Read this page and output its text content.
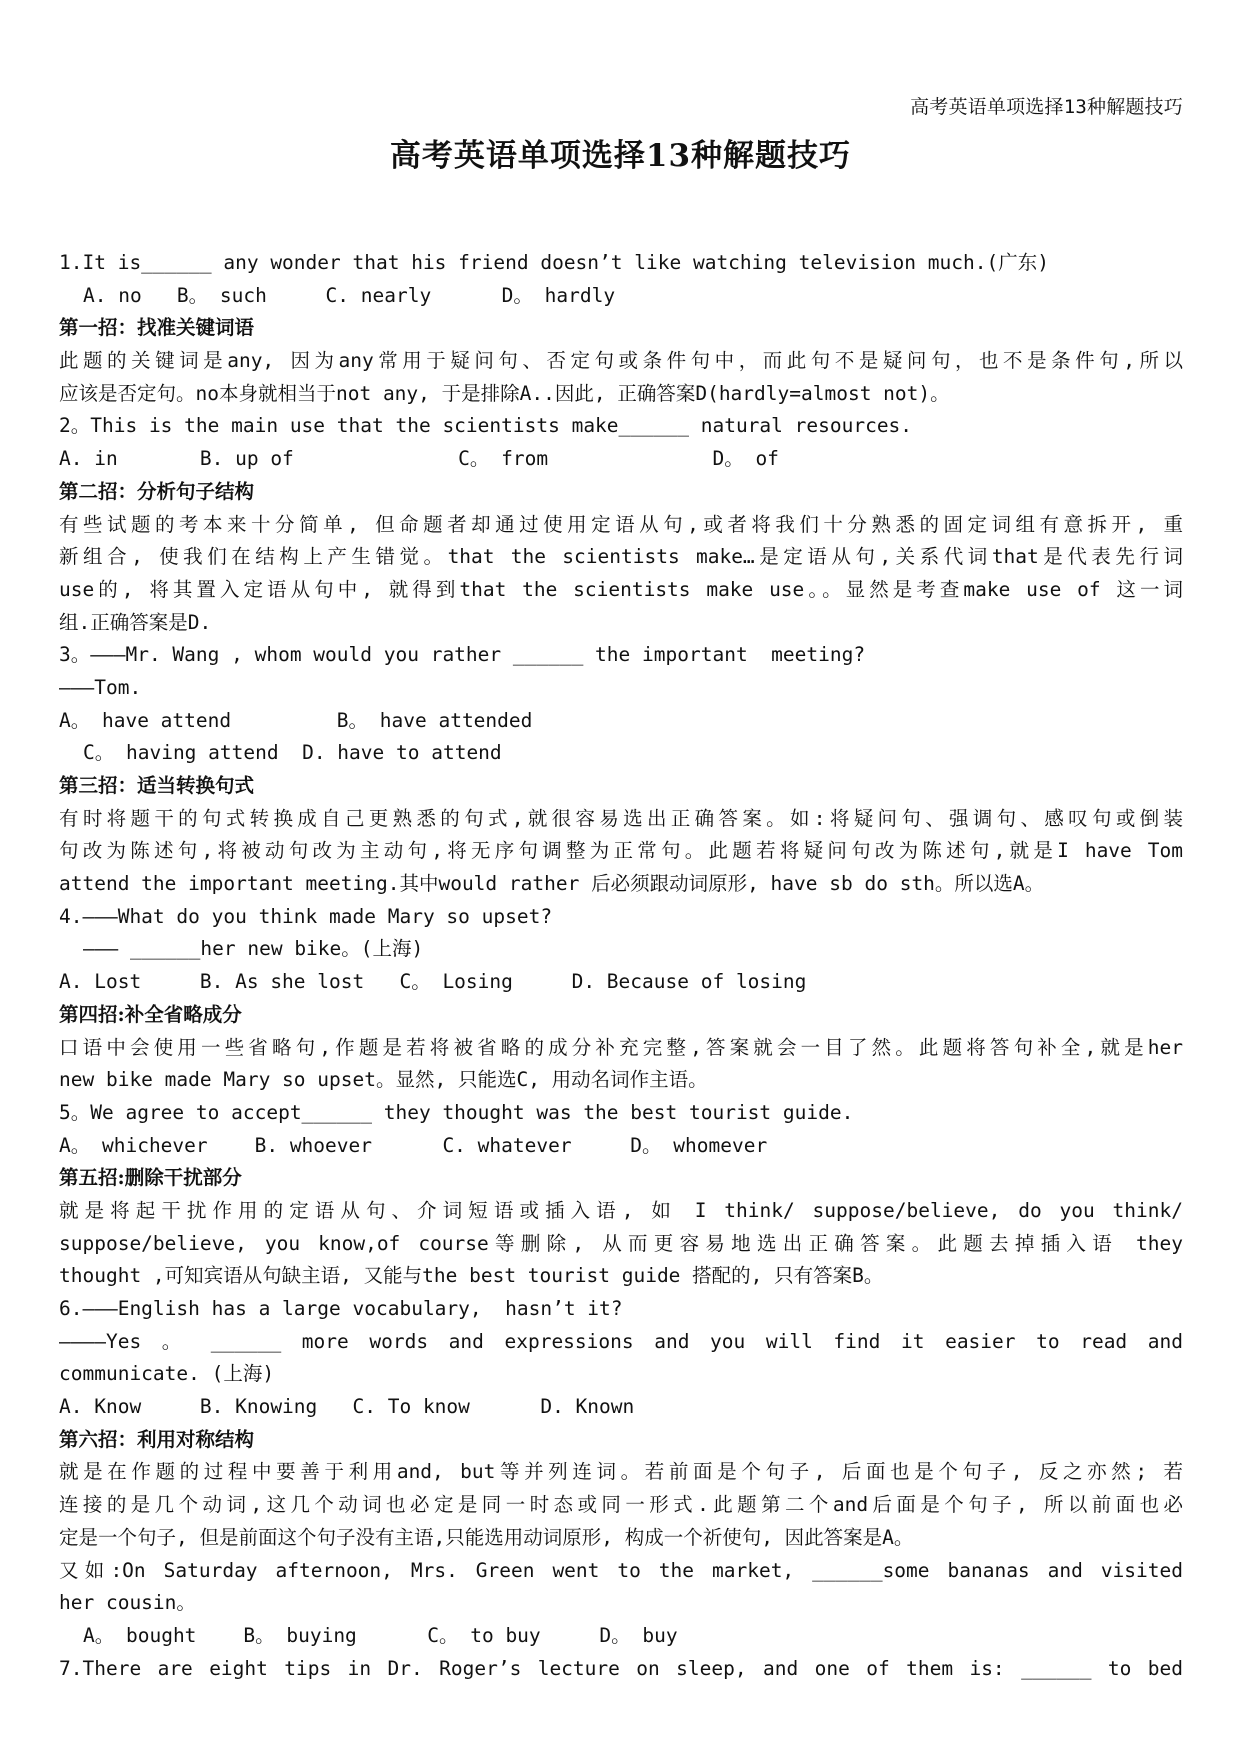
高考英语单项选择13种解题技巧
高考英语单项选择13种解题技巧
1.It is______ any wonder that his friend doesn’t like watching television much.(广东)
A. no   B。 such     C. nearly      D。 hardly
第一招：找准关键词语
此题的关键词是any, 因为any常用于疑问句、否定句或条件句中，而此句不是疑问句，也不是条件句,所以
应该是否定句。no本身就相当于not any, 于是排除A..因此, 正确答案D(hardly=almost not)。
2。This is the main use that the scientists make______ natural resources.
A. in       B. up of              C。 from              D。 of
第二招：分析句子结构
有些试题的考本来十分简单, 但命题者却通过使用定语从句,或者将我们十分熟悉的固定词组有意拆开, 重
新组合, 使我们在结构上产生错觉。that the scientists make…是定语从句,关系代词that是代表先行词
use的, 将其置入定语从句中, 就得到that the scientists make use。。显然是考查make use of 这一词
组.正确答案是D.
3。———Mr. Wang , whom would you rather ______ the important  meeting?
———Tom.
A。 have attend         B。 have attended
C。 having attend  D. have to attend
第三招：适当转换句式
有时将题干的句式转换成自己更熟悉的句式,就很容易选出正确答案。如:将疑问句、强调句、感叹句或倒装
句改为陈述句,将被动句改为主动句,将无序句调整为正常句。此题若将疑问句改为陈述句,就是I have Tom
attend the important meeting.其中would rather 后必须跟动词原形, have sb do sth。所以选A。
4.———What do you think made Mary so upset?
——— ______her new bike。(上海)
A. Lost     B. As she lost   C。 Losing     D. Because of losing
第四招:补全省略成分
口语中会使用一些省略句,作题是若将被省略的成分补充完整,答案就会一目了然。此题将答句补全,就是her
new bike made Mary so upset。显然, 只能选C, 用动名词作主语。
5。We agree to accept______ they thought was the best tourist guide.
A。 whichever    B. whoever      C. whatever     D。 whomever
第五招:删除干扰部分
就是将起干扰作用的定语从句、介词短语或插入语, 如 I think/ suppose/believe, do you think/
suppose/believe, you know,of course等删除, 从而更容易地选出正确答案。此题去掉插入语 they
thought ,可知宾语从句缺主语, 又能与the best tourist guide 搭配的, 只有答案B。
6.———English has a large vocabulary,  hasn’t it?
————Yes 。 ______ more words and expressions and you will find it easier to read and
communicate. (上海)
A. Know     B. Knowing   C. To know      D. Known
第六招：利用对称结构
就是在作题的过程中要善于利用and, but等并列连词。若前面是个句子, 后面也是个句子, 反之亦然; 若
连接的是几个动词,这几个动词也必定是同一时态或同一形式.此题第二个and后面是个句子, 所以前面也必
定是一个句子, 但是前面这个句子没有主语,只能选用动词原形, 构成一个祈使句, 因此答案是A。
又如:On Saturday afternoon, Mrs. Green went to the market, ______some bananas and visited
her cousin。
A。 bought    B。 buying      C。 to buy     D。 buy
7.There are eight tips in Dr. Roger’s lecture on sleep, and one of them is: ______ to bed
